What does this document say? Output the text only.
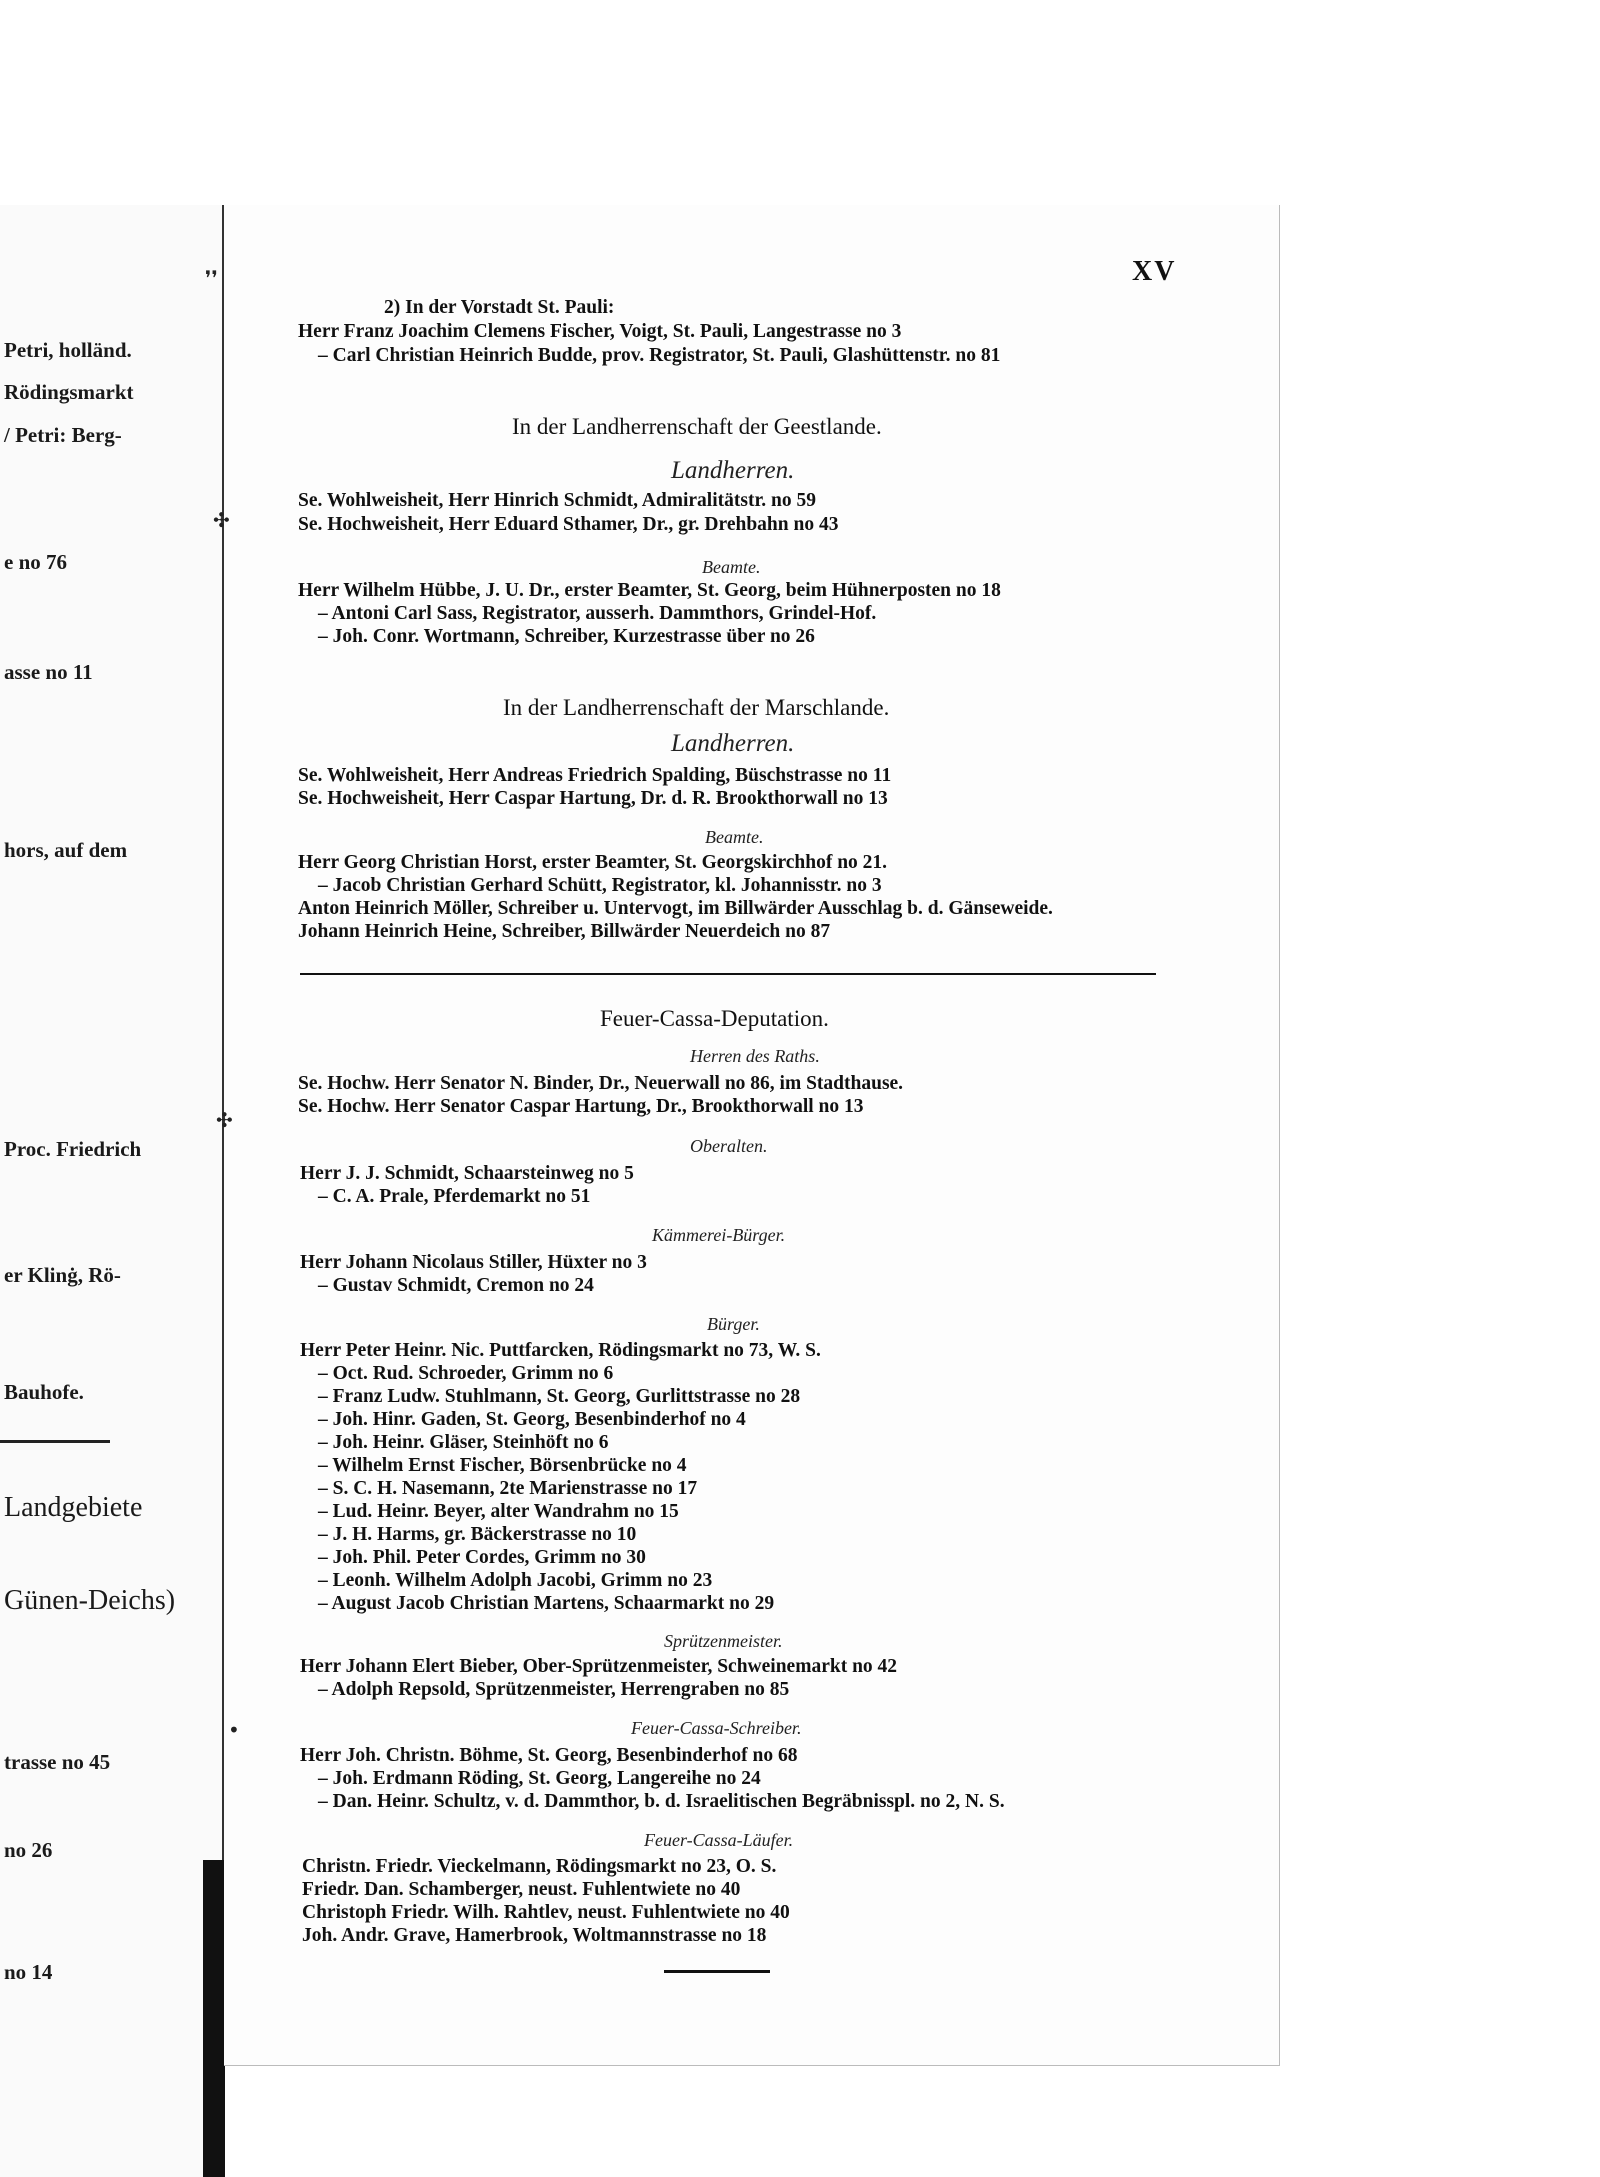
Petri, holländ.
Rödingsmarkt
/ Petri: Berg-
e no 76
asse no 11
hors, auf dem
Proc. Friedrich
er Klinġ, Rö-
Bauhofe.
Landgebiete
Günen-Deichs)
trasse no 45
no 26
no 14
❜❜
✣
✣
•
XV
2) In der Vorstadt St. Pauli:
Herr Franz Joachim Clemens Fischer, Voigt, St. Pauli, Langestrasse no 3
– Carl Christian Heinrich Budde, prov. Registrator, St. Pauli, Glashüttenstr. no 81
In der Landherrenschaft der Geestlande.
Landherren.
Se. Wohlweisheit, Herr Hinrich Schmidt, Admiralitätstr. no 59
Se. Hochweisheit, Herr Eduard Sthamer, Dr., gr. Drehbahn no 43
Beamte.
Herr Wilhelm Hübbe, J. U. Dr., erster Beamter, St. Georg, beim Hühnerposten no 18
– Antoni Carl Sass, Registrator, ausserh. Dammthors, Grindel-Hof.
– Joh. Conr. Wortmann, Schreiber, Kurzestrasse über no 26
In der Landherrenschaft der Marschlande.
Landherren.
Se. Wohlweisheit, Herr Andreas Friedrich Spalding, Büschstrasse no 11
Se. Hochweisheit, Herr Caspar Hartung, Dr. d. R. Brookthorwall no 13
Beamte.
Herr Georg Christian Horst, erster Beamter, St. Georgskirchhof no 21.
– Jacob Christian Gerhard Schütt, Registrator, kl. Johannisstr. no 3
Anton Heinrich Möller, Schreiber u. Untervogt, im Billwärder Ausschlag b. d. Gänseweide.
Johann Heinrich Heine, Schreiber, Billwärder Neuerdeich no 87
Feuer-Cassa-Deputation.
Herren des Raths.
Se. Hochw. Herr Senator N. Binder, Dr., Neuerwall no 86, im Stadthause.
Se. Hochw. Herr Senator Caspar Hartung, Dr., Brookthorwall no 13
Oberalten.
Herr J. J. Schmidt, Schaarsteinweg no 5
– C. A. Prale, Pferdemarkt no 51
Kämmerei-Bürger.
Herr Johann Nicolaus Stiller, Hüxter no 3
– Gustav Schmidt, Cremon no 24
Bürger.
Herr Peter Heinr. Nic. Puttfarcken, Rödingsmarkt no 73, W. S.
– Oct. Rud. Schroeder, Grimm no 6
– Franz Ludw. Stuhlmann, St. Georg, Gurlittstrasse no 28
– Joh. Hinr. Gaden, St. Georg, Besenbinderhof no 4
– Joh. Heinr. Gläser, Steinhöft no 6
– Wilhelm Ernst Fischer, Börsenbrücke no 4
– S. C. H. Nasemann, 2te Marienstrasse no 17
– Lud. Heinr. Beyer, alter Wandrahm no 15
– J. H. Harms, gr. Bäckerstrasse no 10
– Joh. Phil. Peter Cordes, Grimm no 30
– Leonh. Wilhelm Adolph Jacobi, Grimm no 23
– August Jacob Christian Martens, Schaarmarkt no 29
Sprützenmeister.
Herr Johann Elert Bieber, Ober-Sprützenmeister, Schweinemarkt no 42
– Adolph Repsold, Sprützenmeister, Herrengraben no 85
Feuer-Cassa-Schreiber.
Herr Joh. Christn. Böhme, St. Georg, Besenbinderhof no 68
– Joh. Erdmann Röding, St. Georg, Langereihe no 24
– Dan. Heinr. Schultz, v. d. Dammthor, b. d. Israelitischen Begräbnisspl. no 2, N. S.
Feuer-Cassa-Läufer.
Christn. Friedr. Vieckelmann, Rödingsmarkt no 23, O. S.
Friedr. Dan. Schamberger, neust. Fuhlentwiete no 40
Christoph Friedr. Wilh. Rahtlev, neust. Fuhlentwiete no 40
Joh. Andr. Grave, Hamerbrook, Woltmannstrasse no 18
